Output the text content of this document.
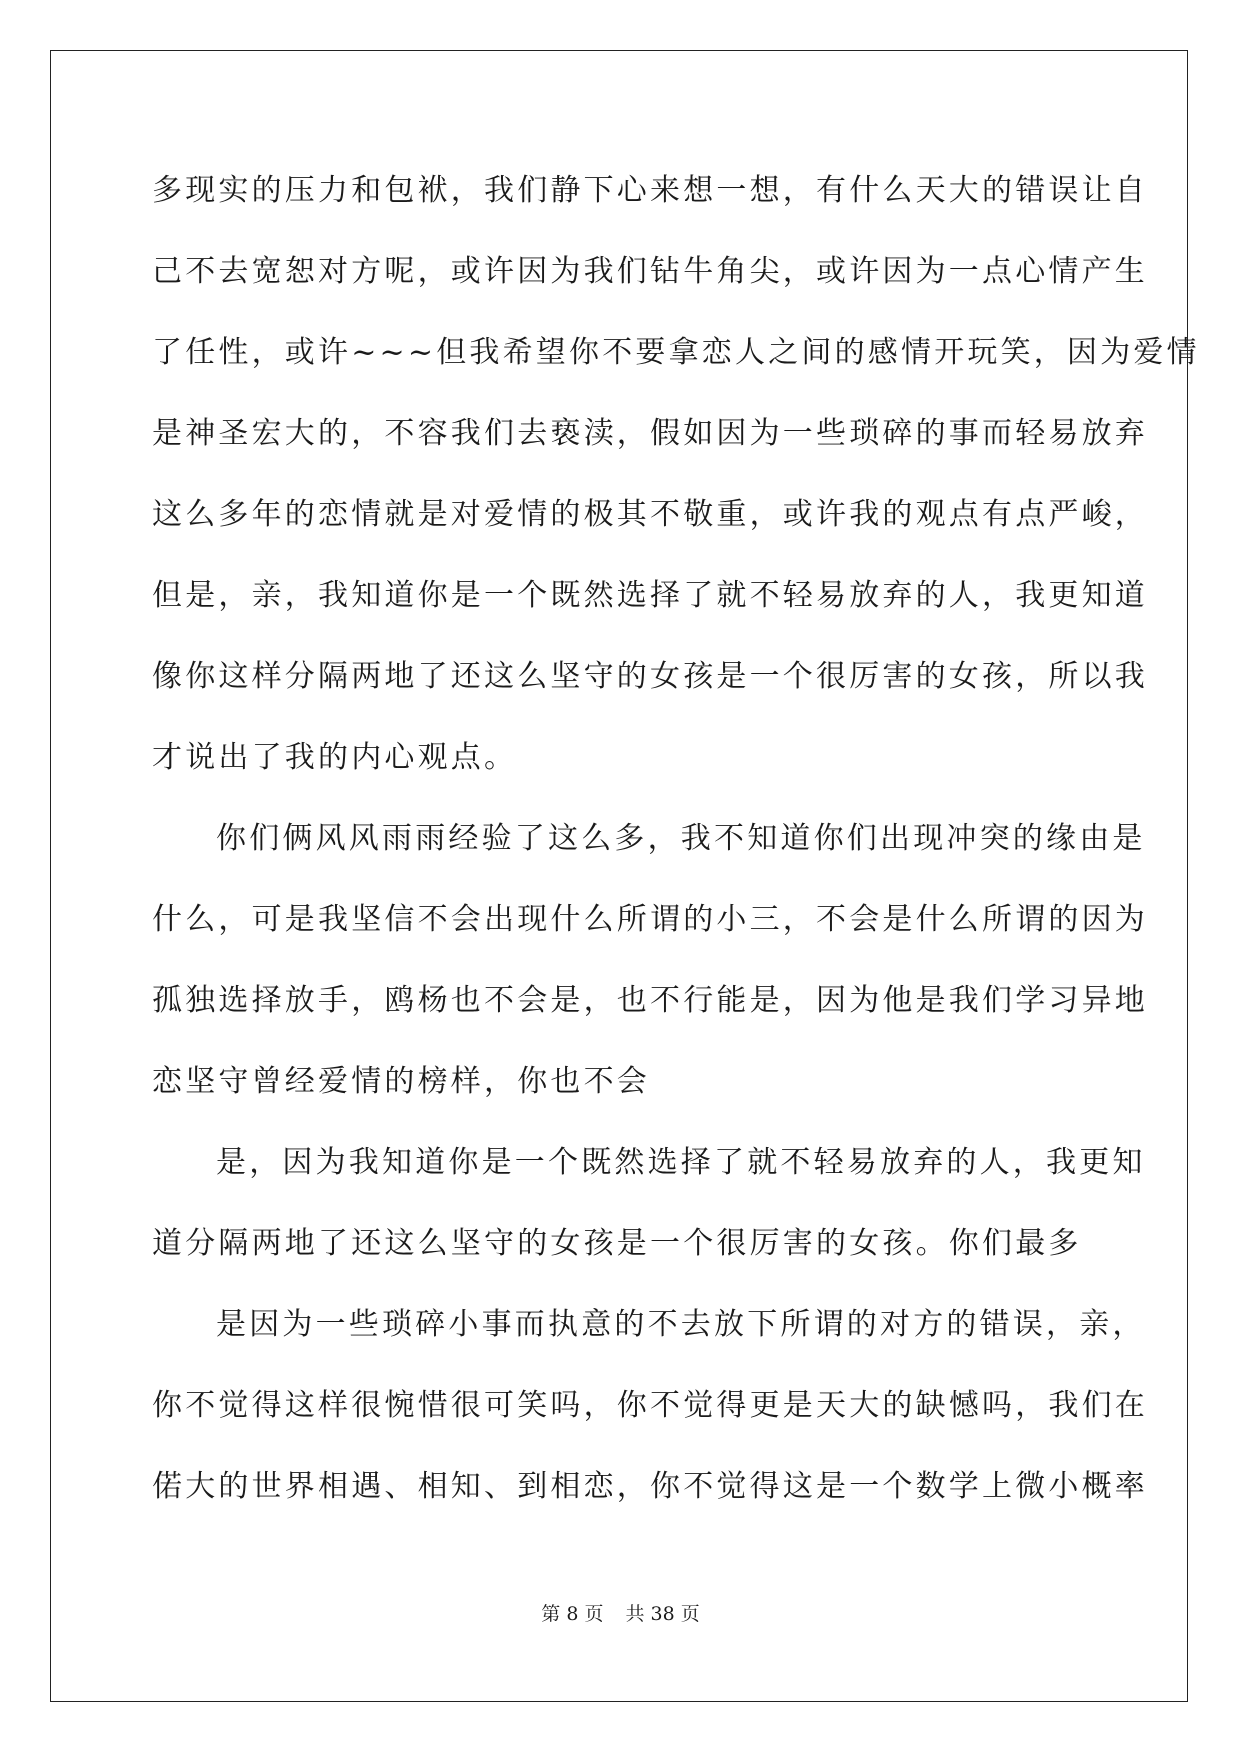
多现实的压力和包袱，我们静下心来想一想，有什么天大的错误让自
己不去宽恕对方呢，或许因为我们钻牛角尖，或许因为一点心情产生
了任性，或许~~~但我希望你不要拿恋人之间的感情开玩笑，因为爱情
是神圣宏大的，不容我们去亵渎，假如因为一些琐碎的事而轻易放弃
这么多年的恋情就是对爱情的极其不敬重，或许我的观点有点严峻，
但是，亲，我知道你是一个既然选择了就不轻易放弃的人，我更知道
像你这样分隔两地了还这么坚守的女孩是一个很厉害的女孩，所以我
才说出了我的内心观点。
你们俩风风雨雨经验了这么多，我不知道你们出现冲突的缘由是
什么，可是我坚信不会出现什么所谓的小三，不会是什么所谓的因为
孤独选择放手，鸥杨也不会是，也不行能是，因为他是我们学习异地
恋坚守曾经爱情的榜样，你也不会
是，因为我知道你是一个既然选择了就不轻易放弃的人，我更知
道分隔两地了还这么坚守的女孩是一个很厉害的女孩。你们最多
是因为一些琐碎小事而执意的不去放下所谓的对方的错误，亲，
你不觉得这样很惋惜很可笑吗，你不觉得更是天大的缺憾吗，我们在
偌大的世界相遇、相知、到相恋，你不觉得这是一个数学上微小概率
第 8 页 共 38 页
